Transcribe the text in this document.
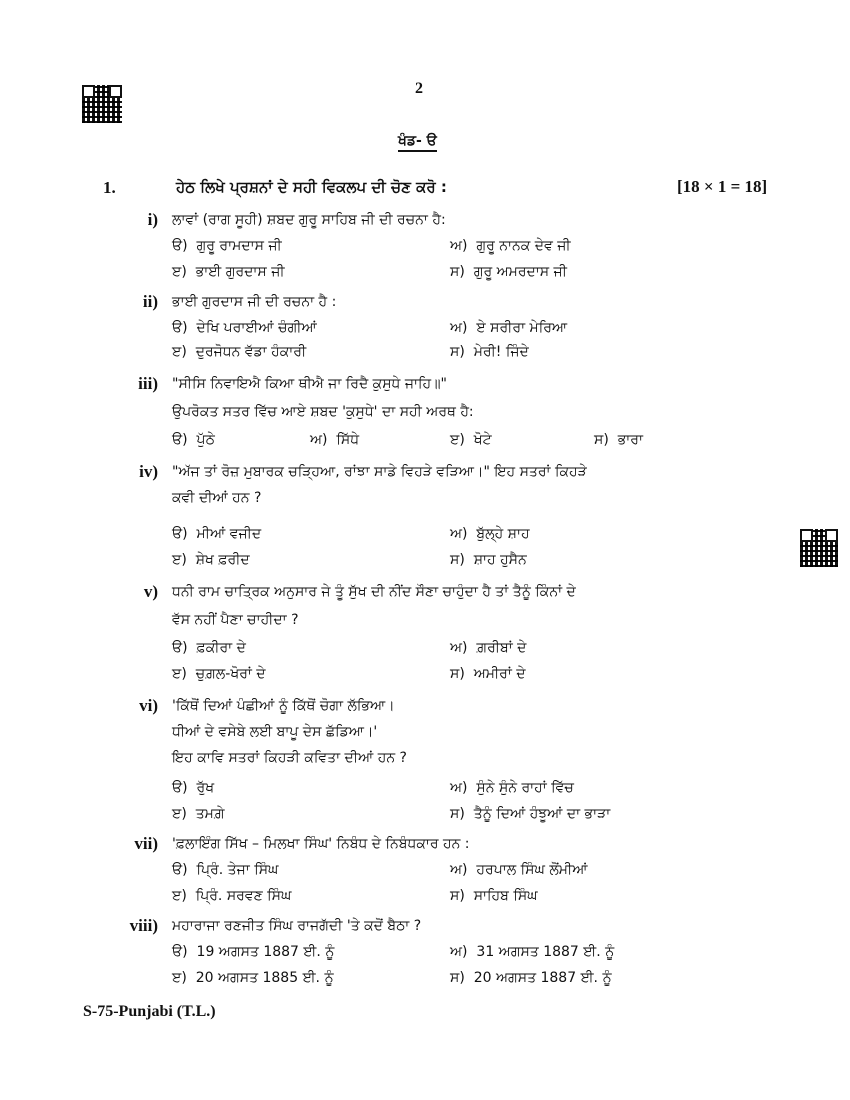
2
ਖੰਡ- ੳ
1.	ਹੇਠ ਲਿਖੇ ਪ੍ਰਸ਼ਨਾਂ ਦੇ ਸਹੀ ਵਿਕਲਪ ਦੀ ਚੋਣ ਕਰੋ :	[18 × 1 = 18]
i) ਲਾਵਾਂ (ਰਾਗ ਸੂਹੀ) ਸ਼ਬਦ ਗੁਰੂ ਸਾਹਿਬ ਜੀ ਦੀ ਰਚਨਾ ਹੈ:
ੳ) ਗੁਰੂ ਰਾਮਦਾਸ ਜੀ	ਅ) ਗੁਰੂ ਨਾਨਕ ਦੇਵ ਜੀ
ੲ) ਭਾਈ ਗੁਰਦਾਸ ਜੀ	ਸ) ਗੁਰੂ ਅਮਰਦਾਸ ਜੀ
ii) ਭਾਈ ਗੁਰਦਾਸ ਜੀ ਦੀ ਰਚਨਾ ਹੈ :
ੳ) ਦੇਖਿ ਪਰਾਈਆਂ ਚੰਗੀਆਂ	ਅ) ਏ ਸਰੀਰਾ ਮੇਰਿਆ
ੲ) ਦੁਰਜੋਧਨ ਵੱਡਾ ਹੰਕਾਰੀ	ਸ) ਮੇਰੀ! ਜਿੰਦੇ
iii) "ਸੀਸਿ ਨਿਵਾਇਐ ਕਿਆ ਥੀਐ ਜਾ ਰਿਦੈ ਕੁਸੁਧੇ ਜਾਹਿ॥"
ਉਪਰੋਕਤ ਸਤਰ ਵਿੱਚ ਆਏ ਸ਼ਬਦ 'ਕੁਸੁਧੇ' ਦਾ ਸਹੀ ਅਰਥ ਹੈ:
ੳ) ਪੁੱਠੇ	ਅ) ਸਿੱਧੇ	ੲ) ਖੋਟੇ	ਸ) ਭਾਰਾ
iv) "ਅੱਜ ਤਾਂ ਰੋਜ਼ ਮੁਬਾਰਕ ਚੜ੍ਹਿਆ, ਰਾਂਝਾ ਸਾਡੇ ਵਿਹੜੇ ਵੜਿਆ।" ਇਹ ਸਤਰਾਂ ਕਿਹੜੇ
ਕਵੀ ਦੀਆਂ ਹਨ ?
ੳ) ਮੀਆਂ ਵਜੀਦ	ਅ) ਬੁੱਲ੍ਹੇ ਸ਼ਾਹ
ੲ) ਸ਼ੇਖ ਫ਼ਰੀਦ	ਸ) ਸ਼ਾਹ ਹੁਸੈਨ
v) ਧਨੀ ਰਾਮ ਚਾਤ੍ਰਿਕ ਅਨੁਸਾਰ ਜੇ ਤੂੰ ਸੁੱਖ ਦੀ ਨੀਂਦ ਸੌਣਾ ਚਾਹੁੰਦਾ ਹੈ ਤਾਂ ਤੈਨੂੰ ਕਿੰਨਾਂ ਦੇ
ਵੱਸ ਨਹੀਂ ਪੈਣਾ ਚਾਹੀਦਾ ?
ੳ) ਫ਼ਕੀਰਾ ਦੇ	ਅ) ਗ਼ਰੀਬਾਂ ਦੇ
ੲ) ਚੁਗ਼ਲ-ਖੋਰਾਂ ਦੇ	ਸ) ਅਮੀਰਾਂ ਦੇ
vi) 'ਕਿੱਥੋਂ ਦਿਆਂ ਪੰਛੀਆਂ ਨੂੰ ਕਿੱਥੋਂ ਚੋਗਾ ਲੱਭਿਆ।
ਧੀਆਂ ਦੇ ਵਸੇਬੇ ਲਈ ਬਾਪੂ ਦੇਸ ਛੱਡਿਆ।'
ਇਹ ਕਾਵਿ ਸਤਰਾਂ ਕਿਹੜੀ ਕਵਿਤਾ ਦੀਆਂ ਹਨ ?
ੳ) ਰੁੱਖ	ਅ) ਸੁੰਨੇ ਸੁੰਨੇ ਰਾਹਾਂ ਵਿੱਚ
ੲ) ਤਮਗ਼ੇ	ਸ) ਤੈਨੂੰ ਦਿਆਂ ਹੰਝੂਆਂ ਦਾ ਭਾੜਾ
vii) 'ਫ਼ਲਾਇੰਗ ਸਿੱਖ – ਮਿਲਖਾ ਸਿੰਘ' ਨਿਬੰਧ ਦੇ ਨਿਬੰਧਕਾਰ ਹਨ :
ੳ) ਪ੍ਰਿੰ. ਤੇਜਾ ਸਿੰਘ	ਅ) ਹਰਪਾਲ ਸਿੰਘ ਲੋਂਮੀਆਂ
ੲ) ਪ੍ਰਿੰ. ਸਰਵਣ ਸਿੰਘ	ਸ) ਸਾਹਿਬ ਸਿੰਘ
viii) ਮਹਾਰਾਜਾ ਰਣਜੀਤ ਸਿੰਘ ਰਾਜਗੱਦੀ 'ਤੇ ਕਦੋਂ ਬੈਠਾ ?
ੳ) 19 ਅਗਸਤ 1887 ਈ. ਨੂੰ	ਅ) 31 ਅਗਸਤ 1887 ਈ. ਨੂੰ
ੲ) 20 ਅਗਸਤ 1885 ਈ. ਨੂੰ	ਸ) 20 ਅਗਸਤ 1887 ਈ. ਨੂੰ
S-75-Punjabi (T.L.)
